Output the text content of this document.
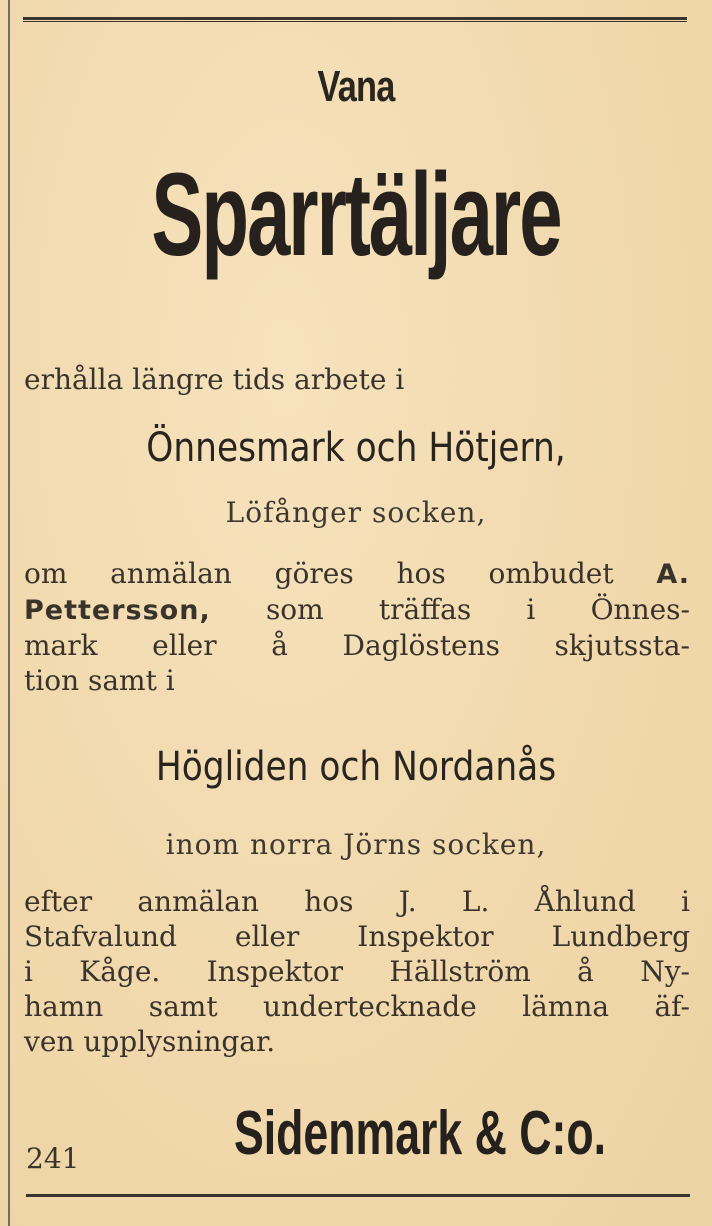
Vana
Sparrtäljare
erhålla längre tids arbete i
Önnesmark och Hötjern,
Löfånger socken,
om anmälan göres hos ombudet A.
Pettersson, som träffas i Önnes-
mark eller å Daglöstens skjutssta-
tion samt i
Högliden och Nordanås
inom norra Jörns socken,
efter anmälan hos J. L. Åhlund i
Stafvalund eller Inspektor Lundberg
i Kåge. Inspektor Hällström å Ny-
hamn samt undertecknade lämna äf-
ven upplysningar.
241	Sidenmark & C:o.
